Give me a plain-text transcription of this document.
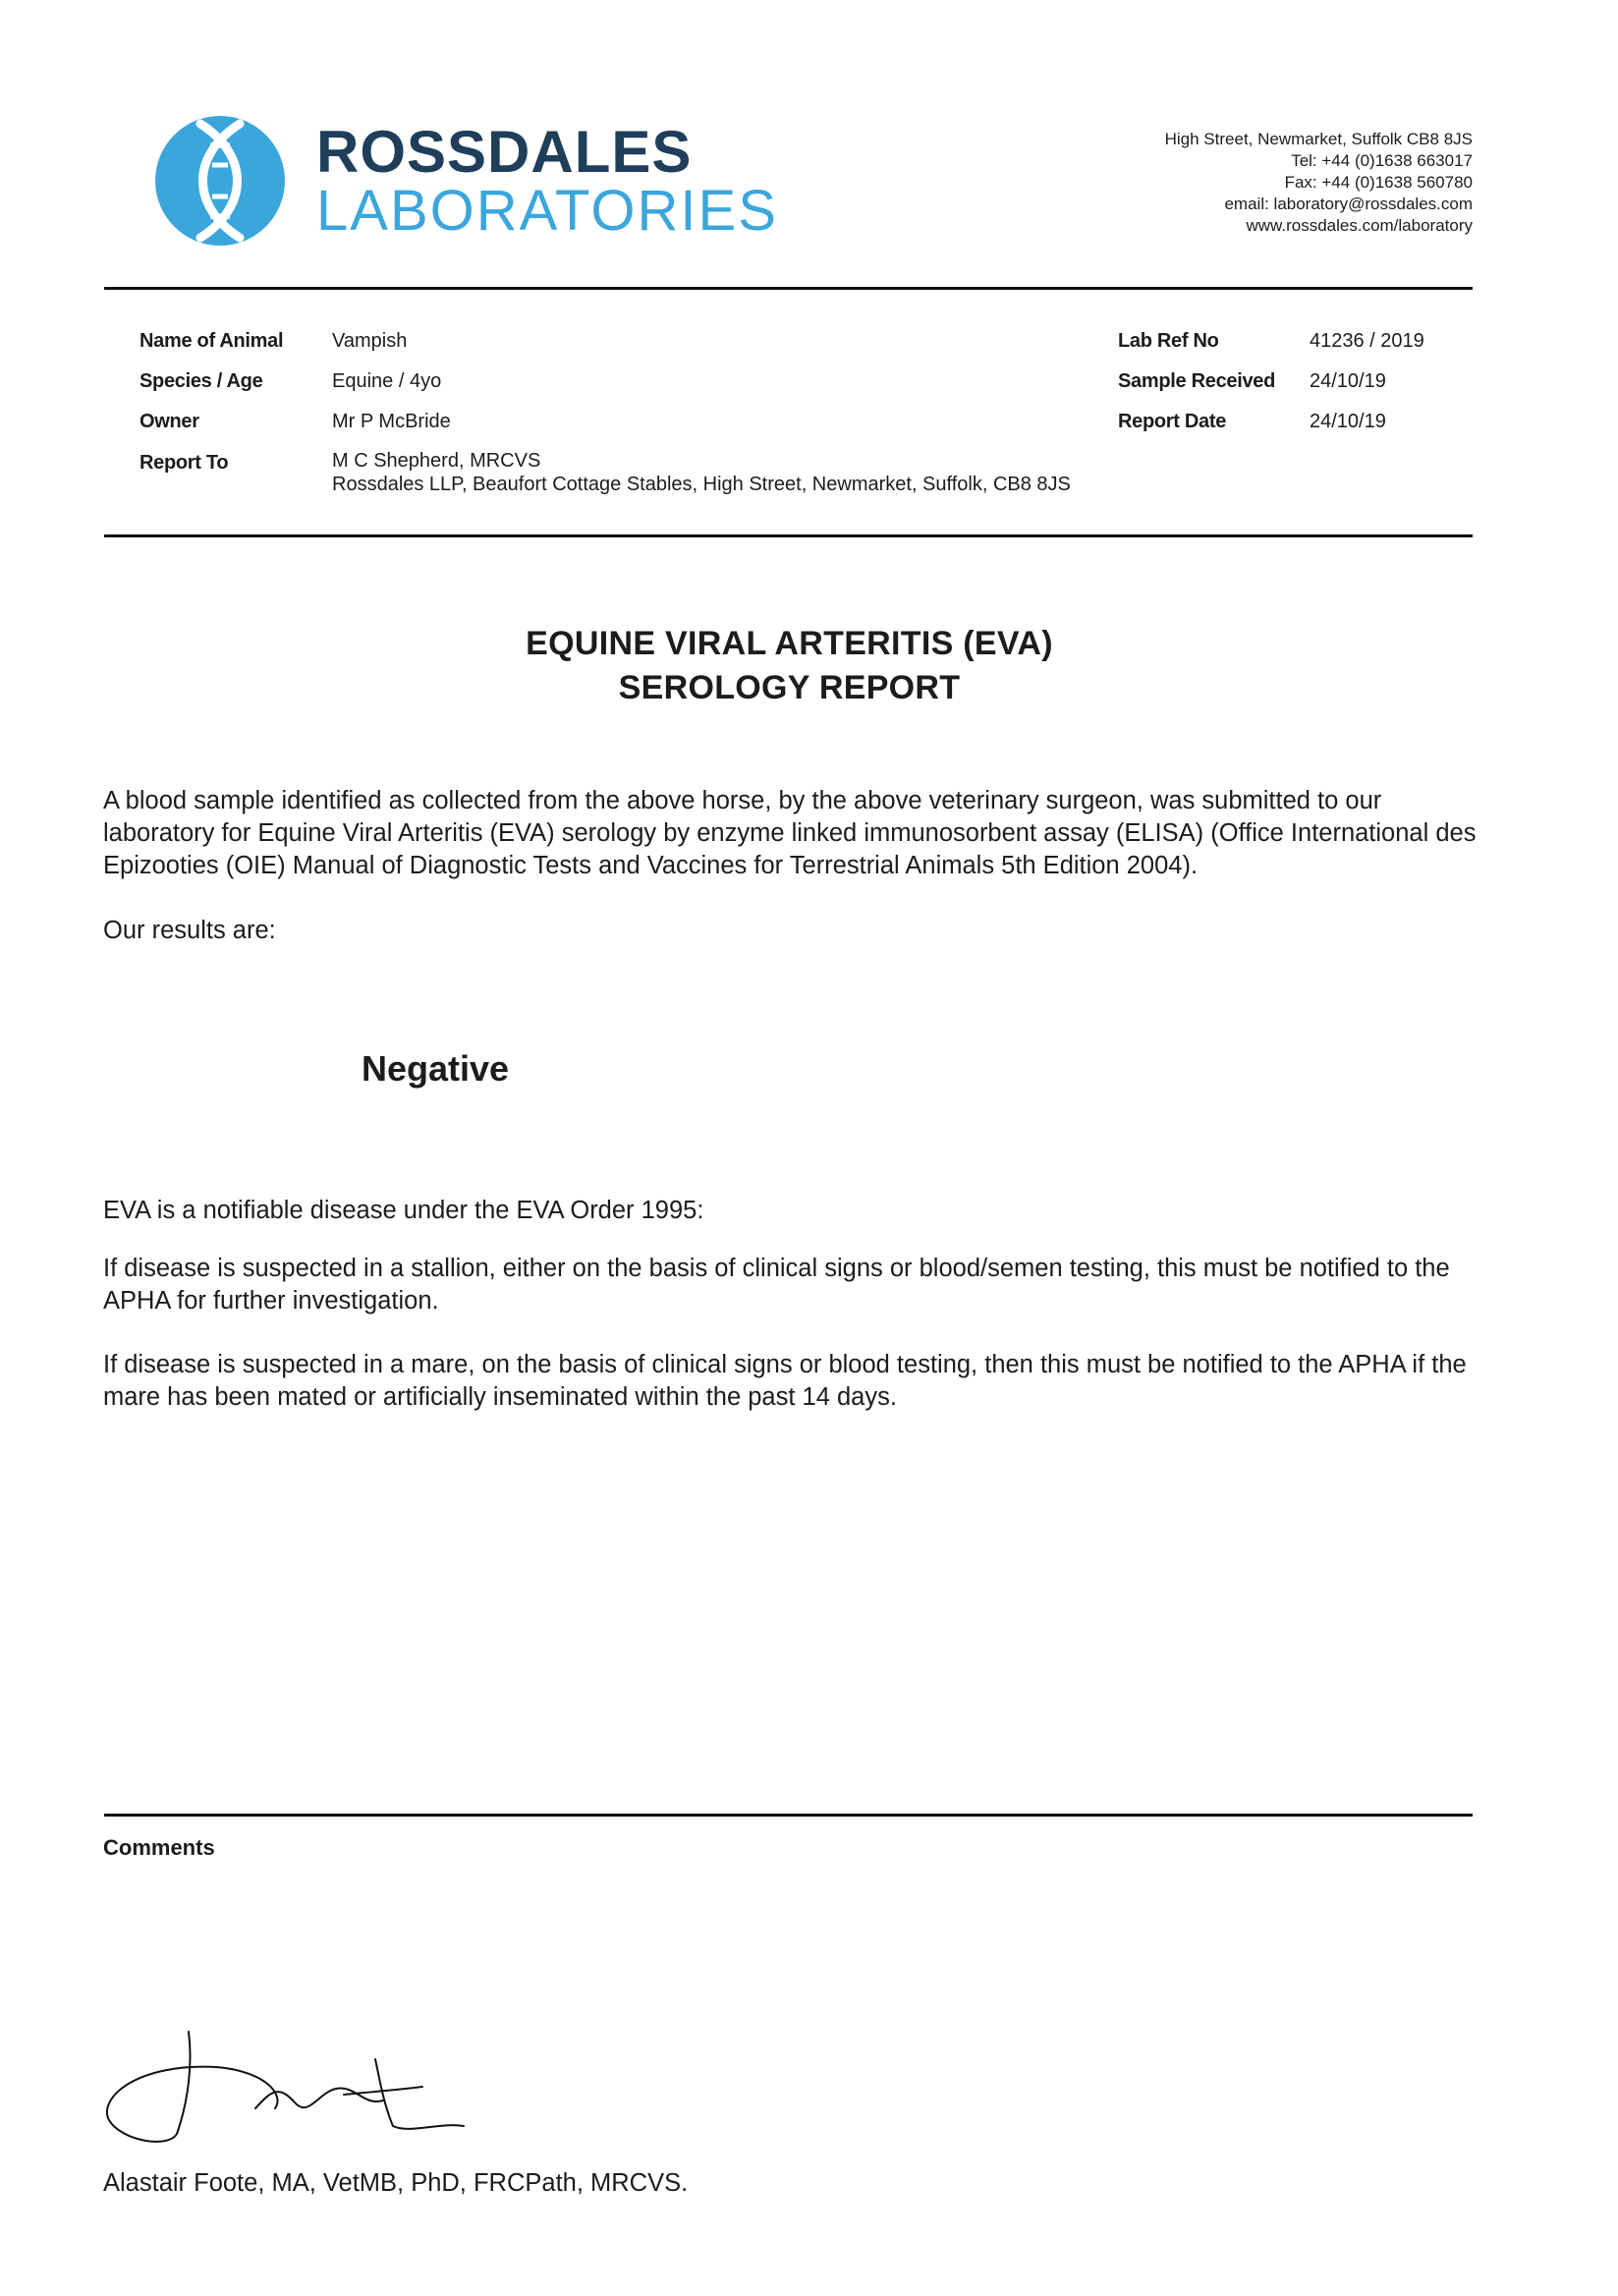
ROSSDALES
LABORATORIES
High Street, Newmarket, Suffolk CB8 8JS
Tel: +44 (0)1638 663017
Fax: +44 (0)1638 560780
email: laboratory@rossdales.com
www.rossdales.com/laboratory
Name of Animal Vampish
Species / Age	Equine / 4yo
Owner	Mr P McBride
Report To	M C Shepherd, MRCVS
Rossdales LLP, Beaufort Cottage Stables, High Street, Newmarket, Suffolk, CB8 8JS
Lab Ref No	41236 / 2019
Sample Received 24/10/19
Report Date	24/10/19
EQUINE VIRAL ARTERITIS (EVA)
SEROLOGY REPORT
A blood sample identified as collected from the above horse, by the above veterinary surgeon, was submitted to our laboratory for Equine Viral Arteritis (EVA) serology by enzyme linked immunosorbent assay (ELISA) (Office International des Epizooties (OIE) Manual of Diagnostic Tests and Vaccines for Terrestrial Animals 5th Edition 2004).
Our results are:
Negative
EVA is a notifiable disease under the EVA Order 1995:
If disease is suspected in a stallion, either on the basis of clinical signs or blood/semen testing, this must be notified to the APHA for further investigation.
If disease is suspected in a mare, on the basis of clinical signs or blood testing, then this must be notified to the APHA if the mare has been mated or artificially inseminated within the past 14 days.
Comments
Alastair Foote, MA, VetMB, PhD, FRCPath, MRCVS.
